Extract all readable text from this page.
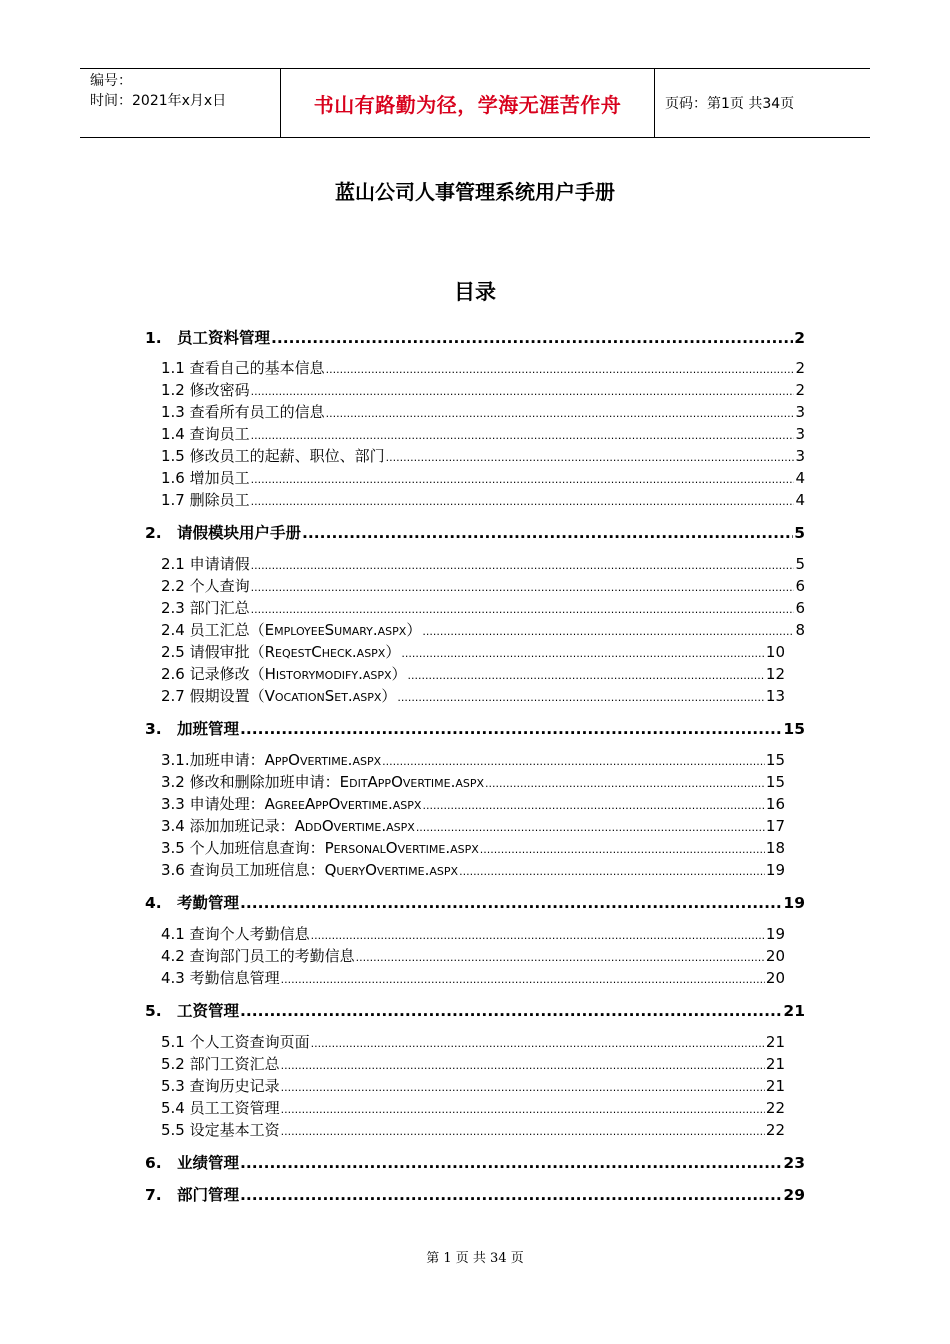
编号：
时间：2021年x月x日	书山有路勤为径，学海无涯苦作舟	页码：第1页 共34页
蓝山公司人事管理系统用户手册
目录
1. 员工资料管理 .....	2
1.1 查看自己的基本信息 .....	2
1.2 修改密码 .....	2
1.3 查看所有员工的信息 .....	3
1.4 查询员工 .....	3
1.5 修改员工的起薪、职位、部门 .....	3
1.6 增加员工 .....	4
1.7 删除员工 .....	4
2. 请假模块用户手册 .....	5
2.1 申请请假 .....	5
2.2 个人查询 .....	6
2.3 部门汇总 .....	6
2.4 员工汇总（EmployeeSumary.aspx） .....	8
2.5 请假审批（ReqestCheck.aspx） .....	10
2.6 记录修改（Historymodify.aspx） .....	12
2.7 假期设置（VocationSet.aspx） .....	13
3. 加班管理 .....	15
3.1.加班申请：AppOvertime.aspx .....	15
3.2 修改和删除加班申请：EditAppOvertime.aspx .....	15
3.3 申请处理：AgreeAppOvertime.aspx .....	16
3.4 添加加班记录：AddOvertime.aspx .....	17
3.5 个人加班信息查询：PersonalOvertime.aspx .....	18
3.6 查询员工加班信息：QueryOvertime.aspx .....	19
4. 考勤管理 .....	19
4.1 查询个人考勤信息 .....	19
4.2 查询部门员工的考勤信息 .....	20
4.3 考勤信息管理 .....	20
5. 工资管理 .....	21
5.1 个人工资查询页面 .....	21
5.2 部门工资汇总 .....	21
5.3 查询历史记录 .....	21
5.4 员工工资管理 .....	22
5.5 设定基本工资 .....	22
6. 业绩管理 .....	23
7. 部门管理 .....	29
第 1 页 共 34 页
